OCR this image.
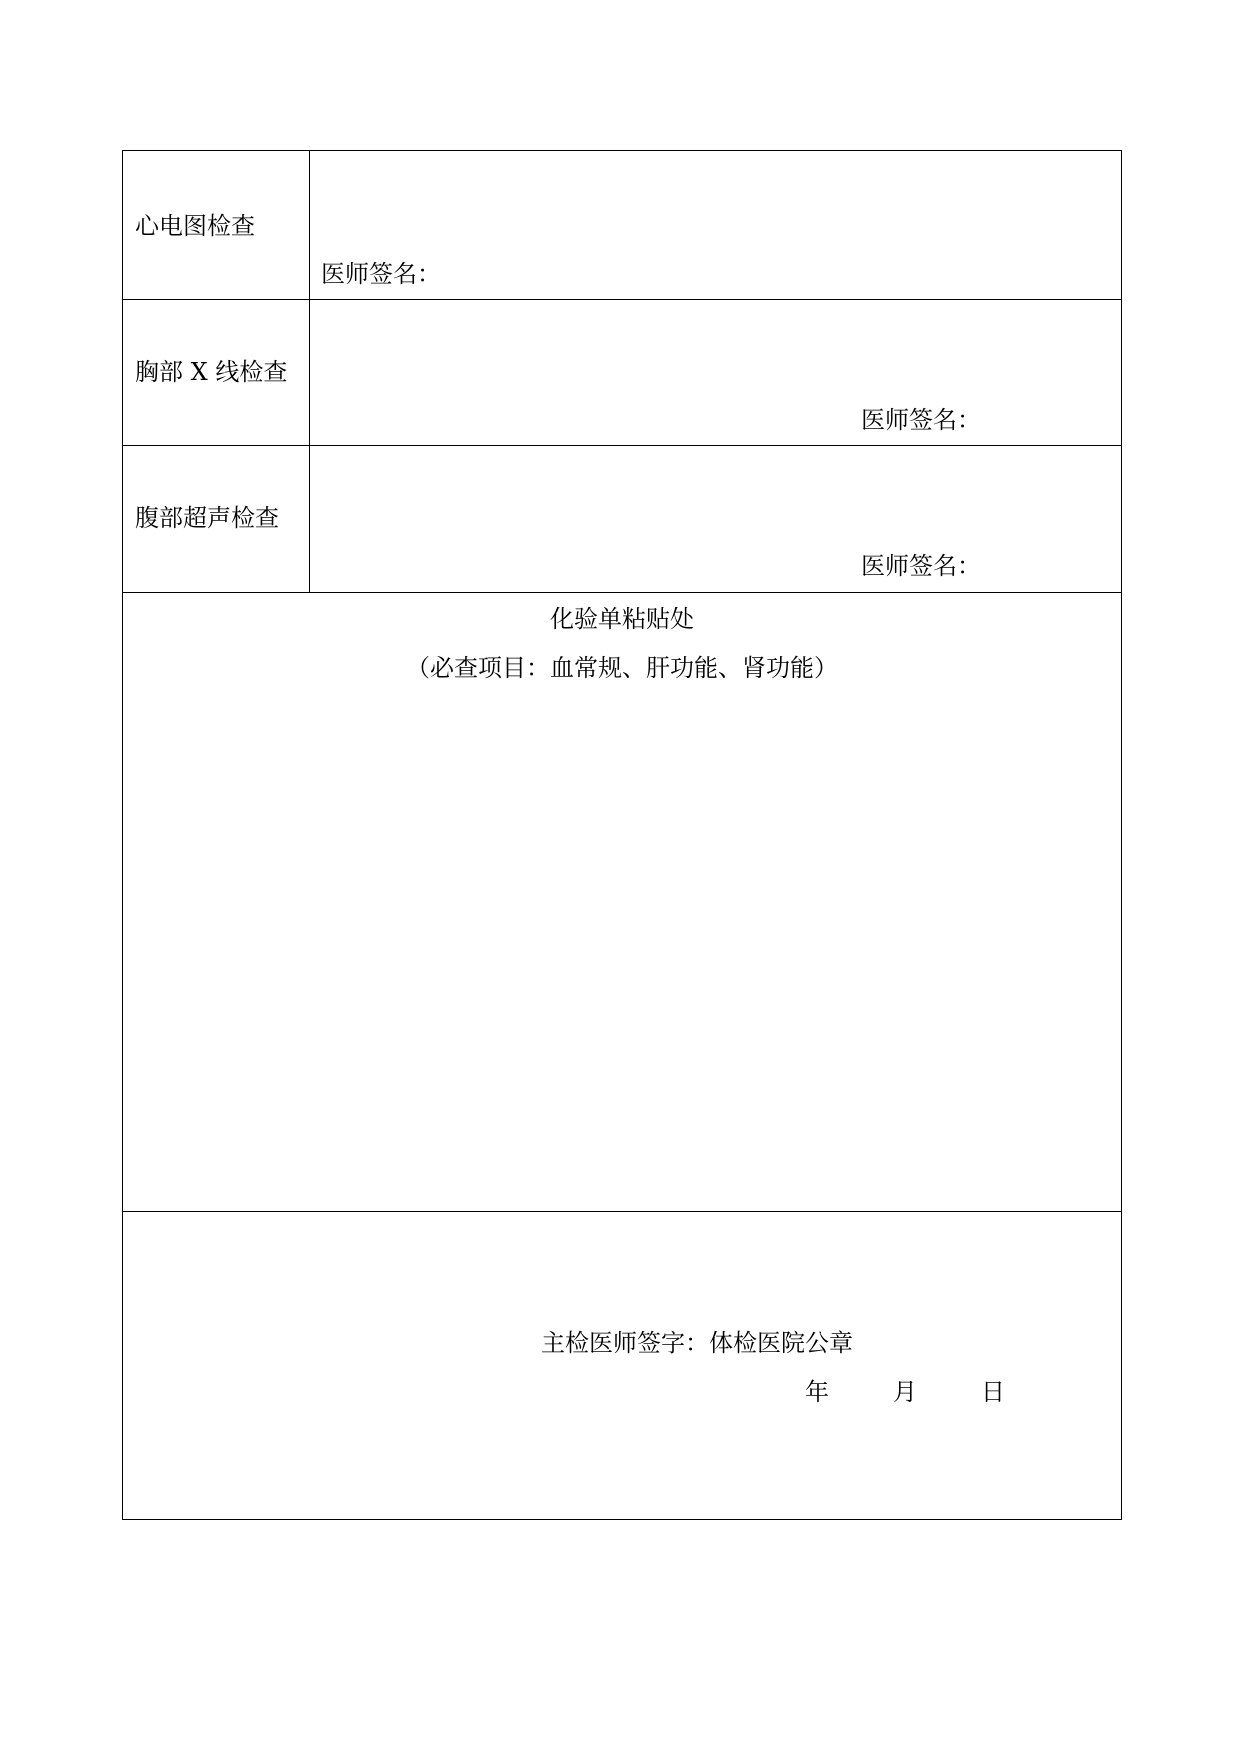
心电图检查
医师签名：
胸部 X 线检查
医师签名：
腹部超声检查
医师签名：
化验单粘贴处
（必查项目：血常规、肝功能、肾功能）
主检医师签字：体检医院公章
年	月	日
